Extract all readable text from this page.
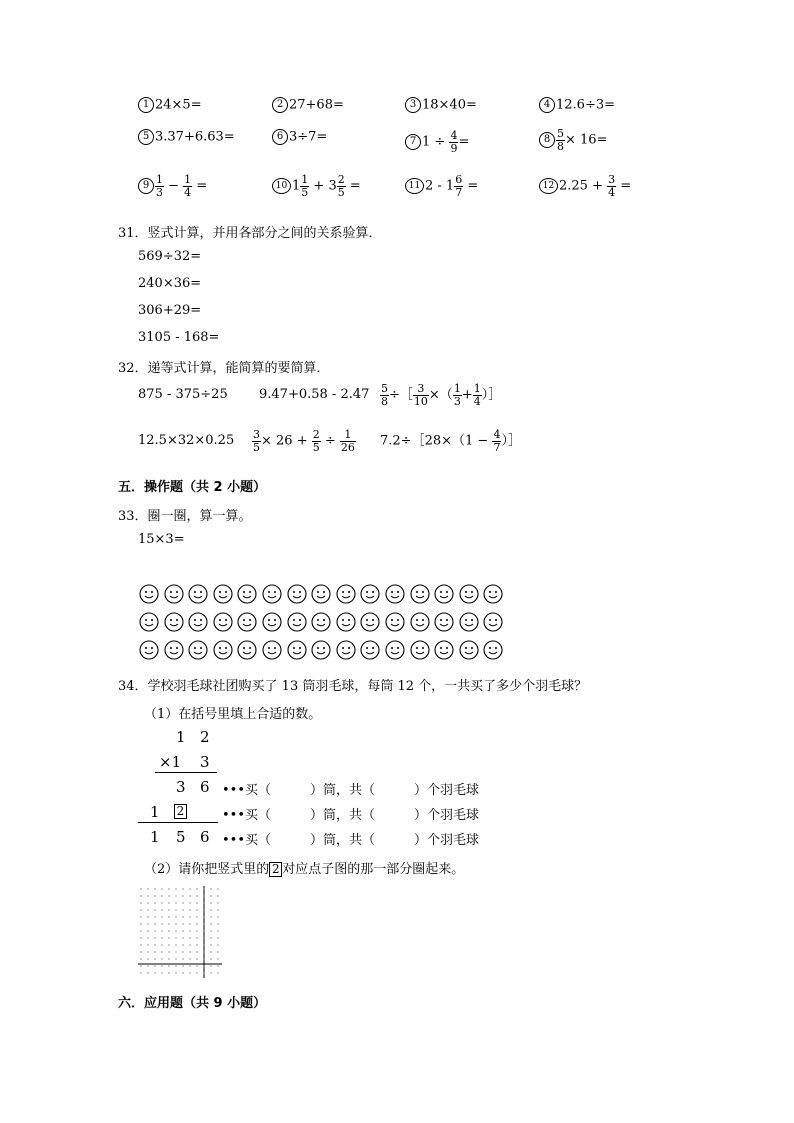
1 24×5=	2 27+68=	3 18×40=	4 12.6÷3=
5 3.37+6.63=	6 3÷7=	7 $1 \div \frac{4}{9}$ =	$8 \frac{5}{8} \times 16=$
$9 \frac{1}{3} - \frac{1}{4}$ =	10 $1 \frac{1}{5} + 3 \frac{2}{5}$ =	11 $2 - 1 \frac{6}{7}$ =	12 $2.25 + \frac{3}{4}$ =
31．竖式计算，并用各部分之间的关系验算．
569÷32=
240×36=
306+29=
3105 - 168=
32．递等式计算，能简算的要简算．
875 - 375÷25 $9.47+0.58 - 2.47 \frac{5}{8}$ ÷［ $\frac{3}{10}$ ×（ $\frac{1}{3} + \frac{1}{4}$ ）］
$12.5\times 32\times 0.25 \frac{3}{5} \times 26 + \frac{2}{5} \div \frac{1}{26}$ 7.2÷［28×（1 − $\frac{4}{7}$ ）］
五．操作题（共 2 小题）
33．圈一圈，算一算。
15×3=
34．学校羽毛球社团购买了 13 筒羽毛球，每筒 12 个，一共买了多少个羽毛球？
（1）在括号里填上合适的数。
1 2
×1 3
3 6 •••买（　　　）筒，共（　　　）个羽毛球
1 2	•••买（　　　）筒，共（　　　）个羽毛球
1 5 6 •••买（　　　）筒，共（　　　）个羽毛球
（2）请你把竖式里的 2 对应点子图的那一部分圈起来。
六．应用题（共 9 小题）
